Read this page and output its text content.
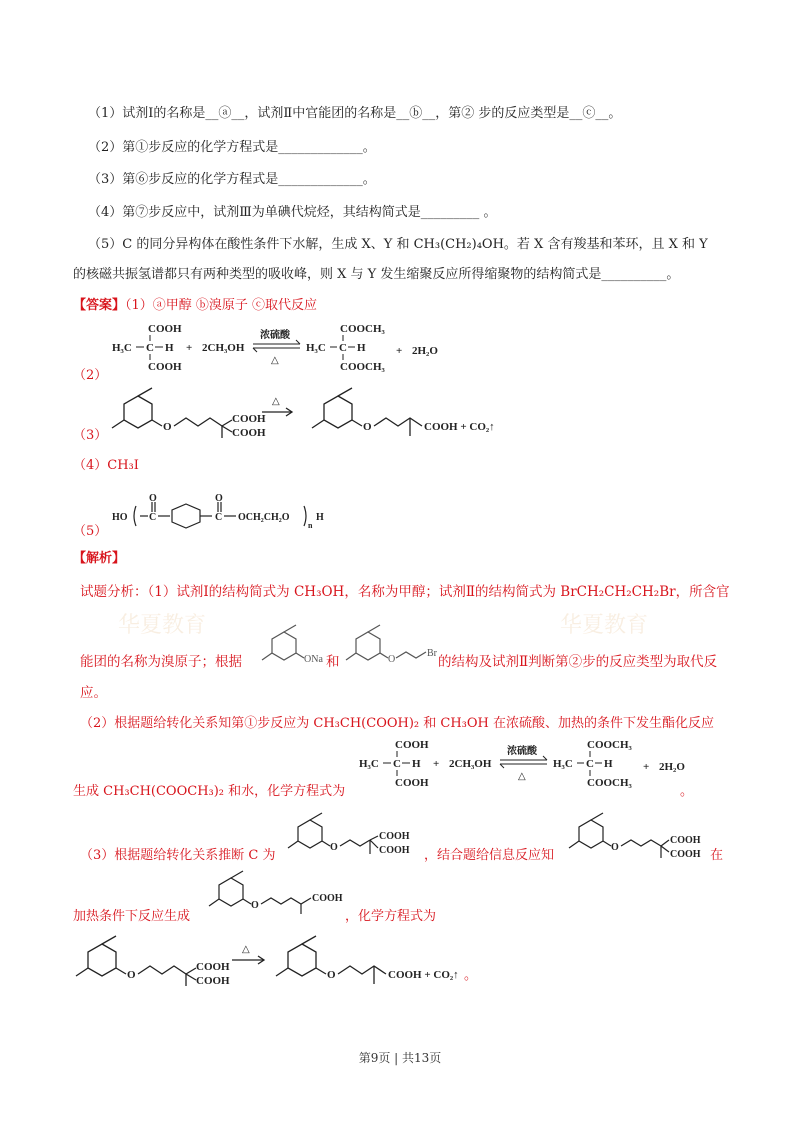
华夏教育	华夏教育
（1）试剂Ⅰ的名称是__ⓐ__，试剂Ⅱ中官能团的名称是__ⓑ__，第② 步的反应类型是__ⓒ__。
（2）第①步反应的化学方程式是_____________。
（3）第⑥步反应的化学方程式是_____________。
（4）第⑦步反应中，试剂Ⅲ为单碘代烷烃，其结构简式是_________ 。
（5）C 的同分异构体在酸性条件下水解，生成 X、Y 和 CH₃(CH₂)₄OH。若 X 含有羧基和苯环，且 X 和 Y
的核磁共振氢谱都只有两种类型的吸收峰，则 X 与 Y 发生缩聚反应所得缩聚物的结构简式是__________。
【答案】（1）ⓐ甲醇 ⓑ溴原子 ⓒ取代反应
（2）
COOH
H₃C C H
COOH
+ 2CH₃OH
浓硫酸
△
COOCH₃
H₃C C H
COOCH₃
+ 2H₂O
（3）
O
COOH
COOH
△
O	COOH + CO₂↑
（4）CH₃I
（5）
HO
O
C
O
C OCH₂CH₂O
n
H
【解析】
试题分析：（1）试剂Ⅰ的结构简式为 CH₃OH，名称为甲醇；试剂Ⅱ的结构简式为 BrCH₂CH₂CH₂Br，所含官
能团的名称为溴原子；根据	ONa 和	O
Br
的结构及试剂Ⅱ判断第②步的反应类型为取代反
应。
（2）根据题给转化关系知第①步反应为 CH₃CH(COOH)₂ 和 CH₃OH 在浓硫酸、加热的条件下发生酯化反应
生成 CH₃CH(COOCH₃)₂ 和水，化学方程式为
COOH
H₃C C H
COOH
+ 2CH₃OH
浓硫酸
△
COOCH₃
H₃C C H
COOCH₃
+ 2H₂O
。
（3）根据题给转化关系推断 C 为
O
COOH
COOH ，结合题给信息反应知
O
COOH
COOH 在
加热条件下反应生成
O
COOH
，化学方程式为
O
COOH
COOH
△
O	COOH + CO₂↑ 。
第9页 | 共13页
